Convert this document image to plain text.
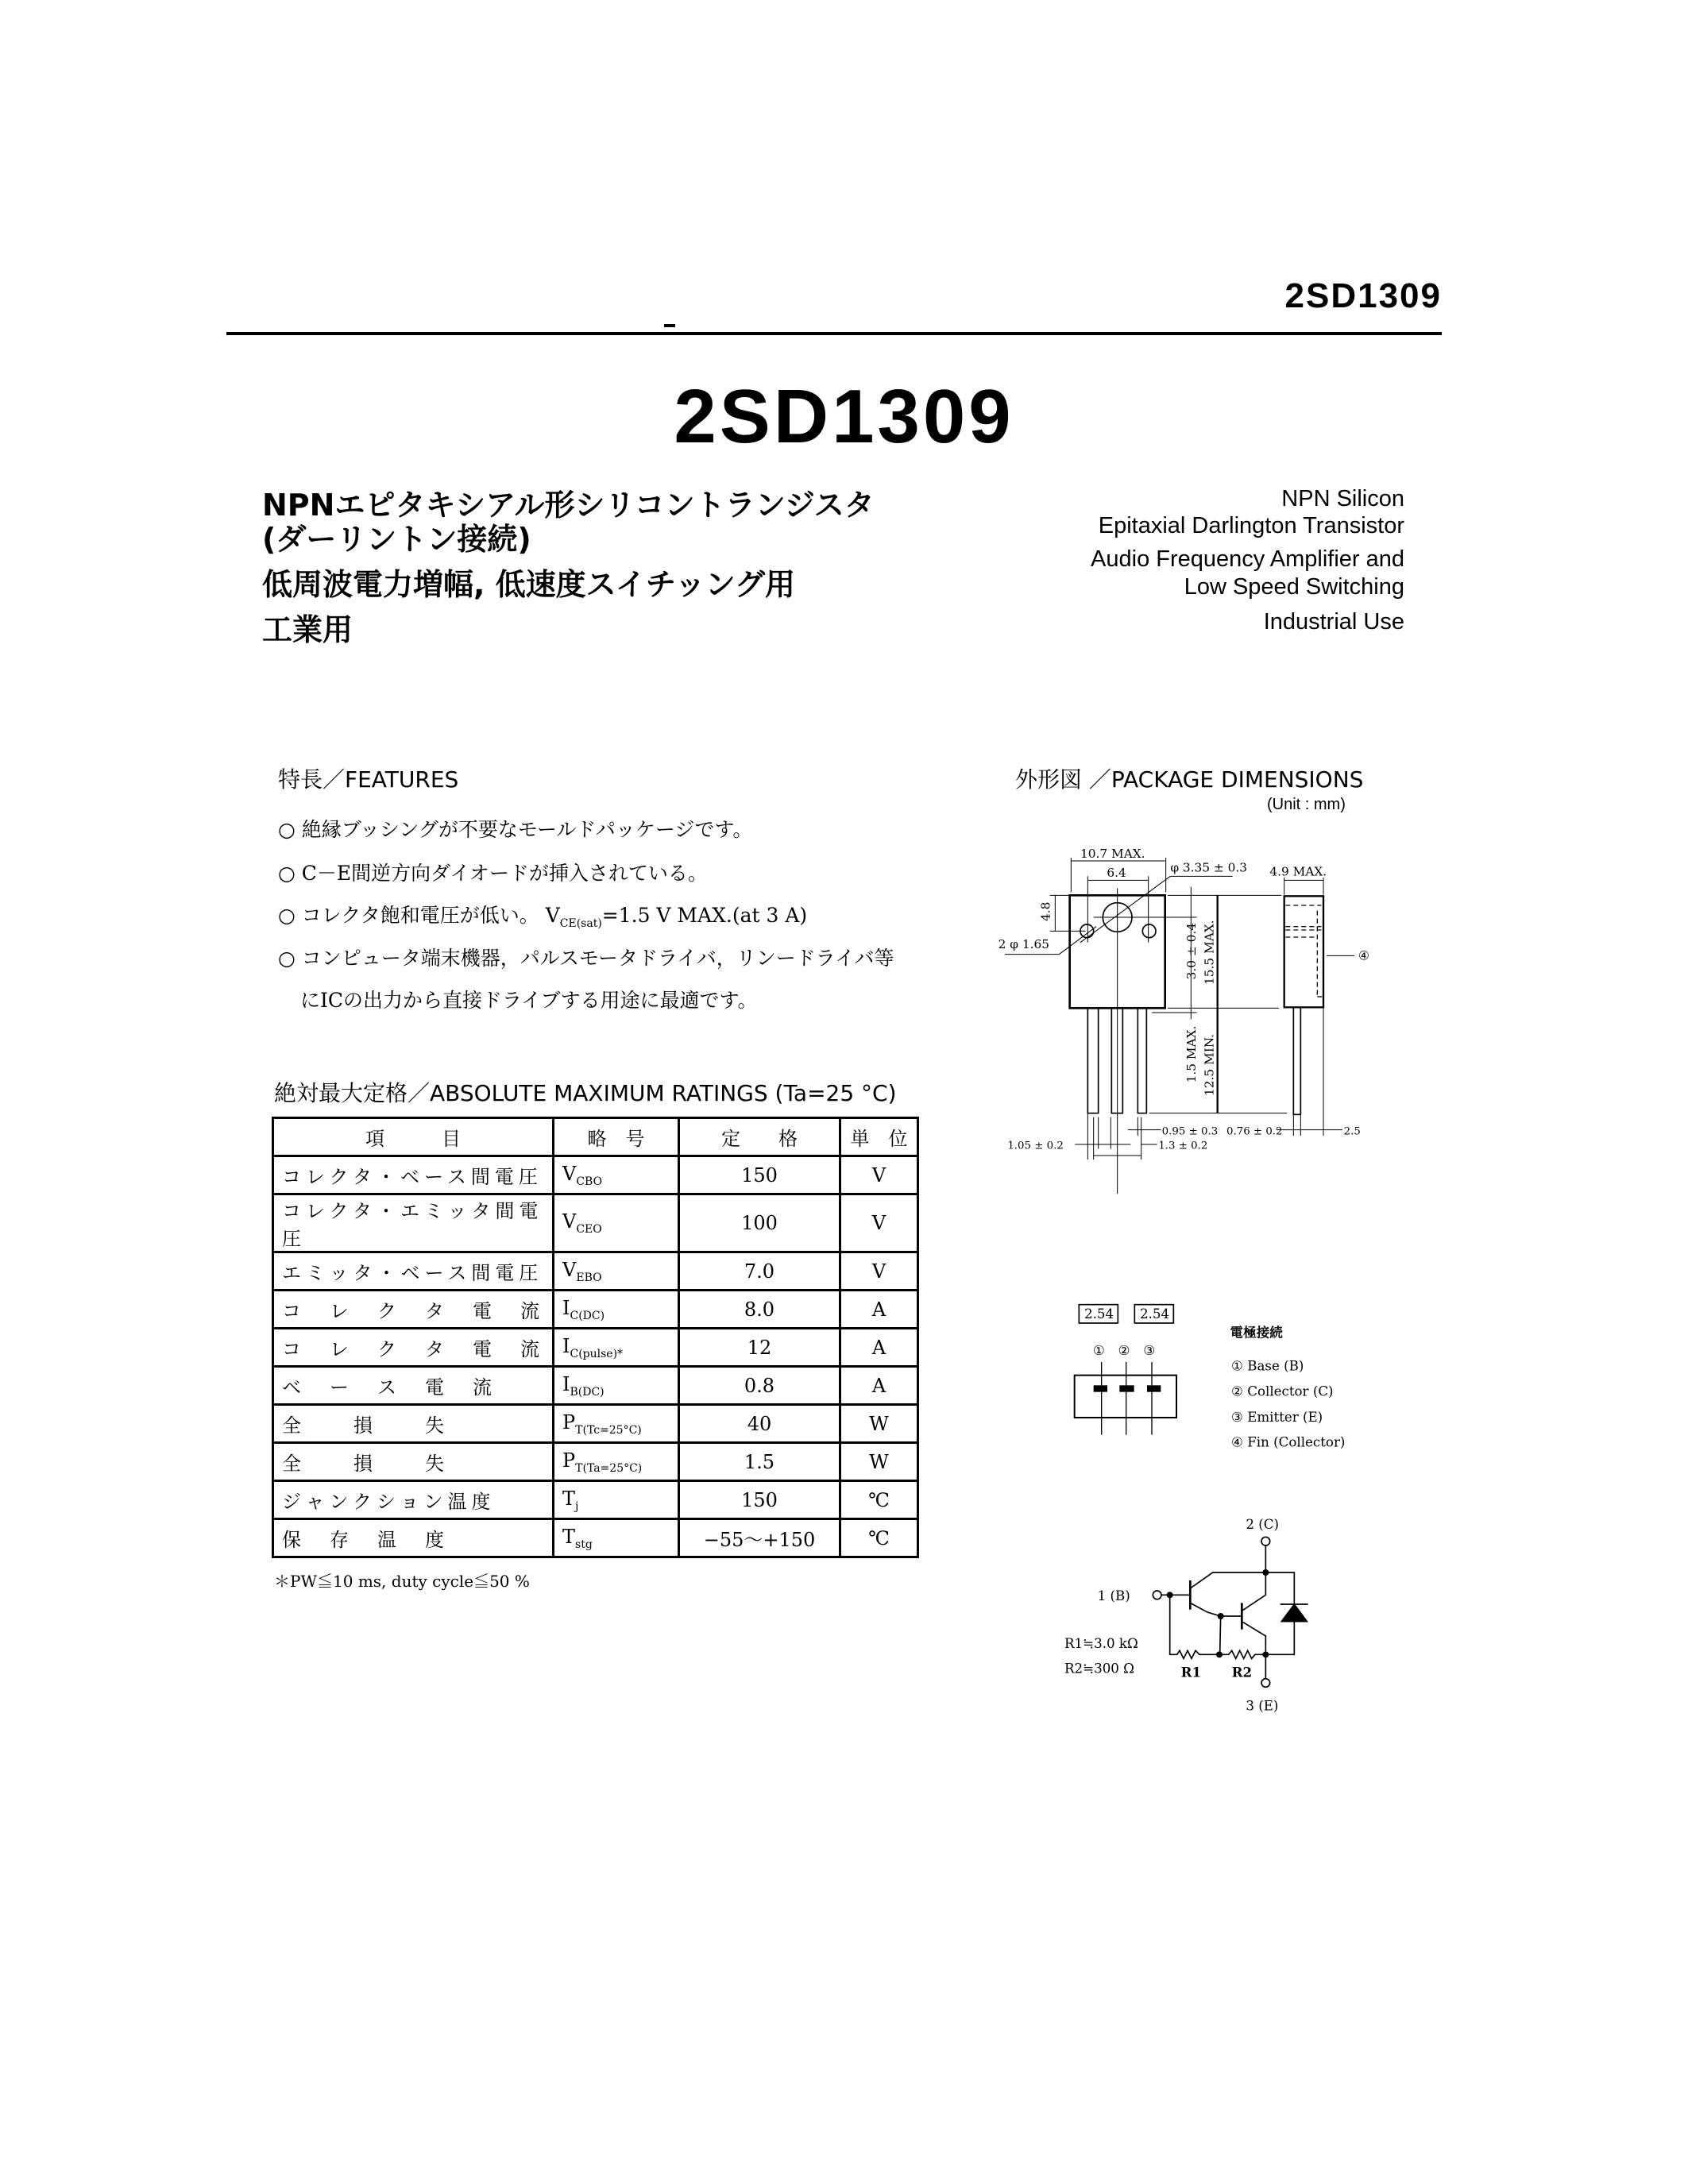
2SD1309
2SD1309
NPNエピタキシアル形シリコントランジスタ
(ダーリントン接続)
低周波電力増幅, 低速度スイチッング用
工業用
NPN Silicon
Epitaxial Darlington Transistor
Audio Frequency Amplifier and
Low Speed Switching
Industrial Use
特長／FEATURES
○ 絶縁ブッシングが不要なモールドパッケージです。
○ C－E間逆方向ダイオードが挿入されている。
○ コレクタ飽和電圧が低い。 $V_{CE(sat)}=1.5$ V MAX.(at 3 A)
○ コンピュータ端末機器，パルスモータドライバ，リンードライバ等
にICの出力から直接ドライブする用途に最適です。
絶対最大定格／ABSOLUTE MAXIMUM RATINGS (Ta=25 °C)
項　　　目	略　号	定　　格	単　位
コレクタ・ベース間電圧	$V_{CBO}$	150	V
コレクタ・エミッタ間電圧	$V_{CEO}$	100	V
エミッタ・ベース間電圧	$V_{EBO}$	7.0	V
コ　レ　ク　タ　電　流	$I_{C(DC)}$	8.0	A
コ　レ　ク　タ　電　流	$I_{C(pulse)*}$	12	A
ベ　ー　ス　電　流	$I_{B(DC)}$	0.8	A
全　　損　　失	$P_{T(Tc=25^\circ C)}$	40	W
全　　損　　失	$P_{T(Ta=25^\circ C)}$	1.5	W
ジャンクション温度	$T_j$	150	℃
保　存　温　度	$T_{stg}$	−55～+150	℃
＊PW≦10 ms, duty cycle≦50 %
外形図 ／PACKAGE DIMENSIONS
(Unit : mm)
10.7 MAX.
6.4 φ 3.35 ± 0.3 4.9 MAX.
2 φ 1.65
4.8
3.0 ± 0.4 15.5 MAX.
1.5 MAX. 12.5 MIN.
④
0.95 ± 0.3 0.76 ± 0.2 2.5
1.05 ± 0.2	1.3 ± 0.2
2.54 2.54
① ② ③
電極接続
① Base (B)
② Collector (C)
③ Emitter (E)
④ Fin (Collector)
2 (C)
1 (B)
3 (E)
R1≒3.0 kΩ
R2≒300 Ω R1 R2
